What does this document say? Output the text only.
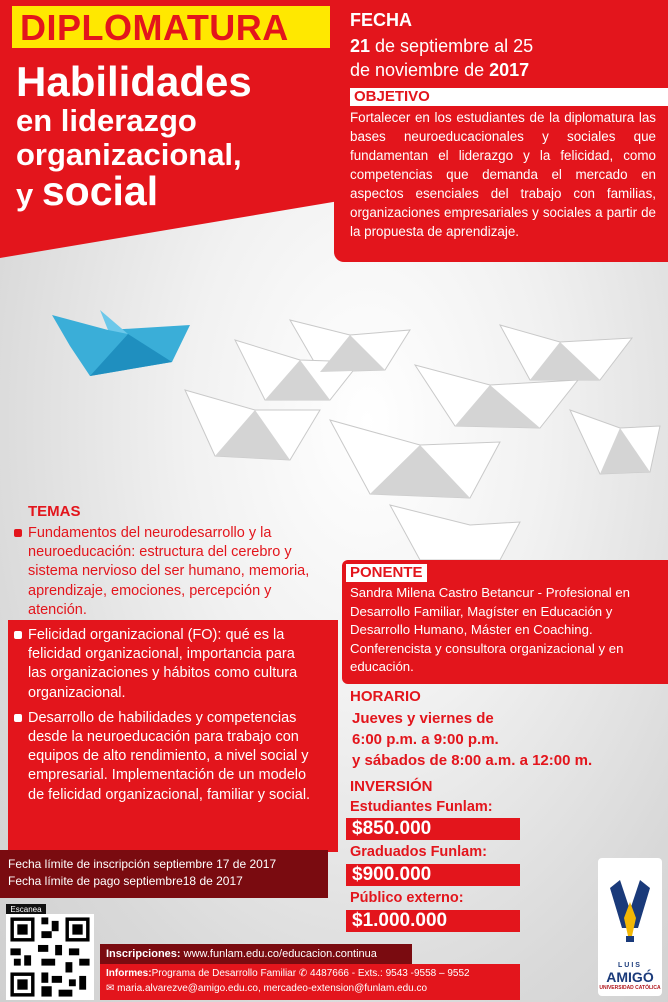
DIPLOMATURA
Habilidades
en liderazgo
organizacional,
y social
FECHA
21 de septiembre al 25
de noviembre de 2017
OBJETIVO
Fortalecer en los estudiantes de la diplomatura las bases neuroeducacionales y sociales que fundamentan el liderazgo y la felicidad, como competencias que demanda el mercado en aspectos esenciales del trabajo con familias, organizaciones empresariales y sociales a partir de la propuesta de aprendizaje.
TEMAS
Fundamentos del neurodesarrollo y la neuroeducación: estructura del cerebro y sistema nervioso del ser humano, memoria, aprendizaje, emociones, percepción y atención.
Felicidad organizacional (FO): qué es la felicidad organizacional, importancia para las organizaciones y hábitos como cultura organizacional.
Desarrollo de habilidades y competencias desde la neuroeducación para trabajo con equipos de alto rendimiento, a nivel social y empresarial. Implementación de un modelo de felicidad organizacional, familiar y social.
Fecha límite de inscripción septiembre 17 de 2017
Fecha límite de pago septiembre18 de 2017
PONENTE
Sandra Milena Castro Betancur - Profesional en Desarrollo Familiar, Magíster en Educación y Desarrollo Humano, Máster en Coaching. Conferencista y consultora organizacional y en educación.
HORARIO
Jueves y viernes de
6:00 p.m. a 9:00 p.m.
y sábados de 8:00 a.m. a 12:00 m.
INVERSIÓN
Estudiantes Funlam:
$850.000
Graduados Funlam:
$900.000
Público externo:
$1.000.000
LUIS
AMIGÓ
UNIVERSIDAD CATÓLICA
Escanea
Inscripciones: www.funlam.edu.co/educacion.continua
Informes:Programa de Desarrollo Familiar ✆ 4487666 - Exts.: 9543 -9558 – 9552
✉ maria.alvarezve@amigo.edu.co, mercadeo-extension@funlam.edu.co
